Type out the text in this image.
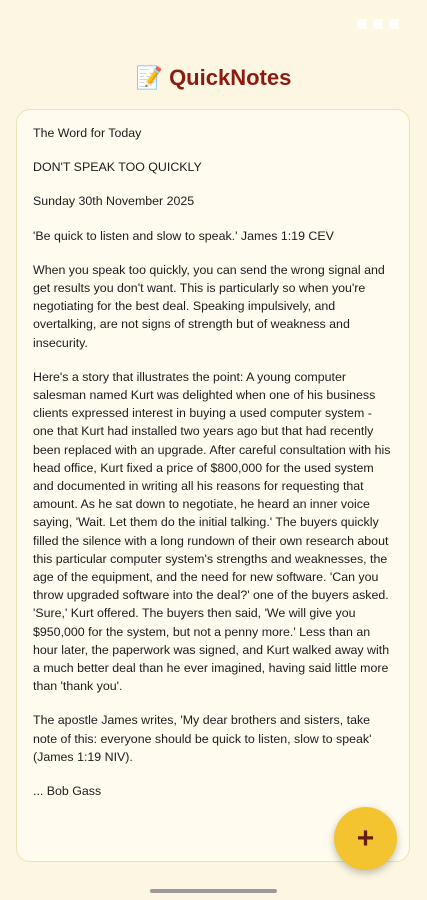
📝 QuickNotes

The Word for Today

DON'T SPEAK TOO QUICKLY

Sunday 30th November 2025

'Be quick to listen and slow to speak.' James 1:19 CEV

When you speak too quickly, you can send the wrong signal and get results you don't want. This is particularly so when you're negotiating for the best deal. Speaking impulsively, and overtalking, are not signs of strength but of weakness and insecurity.

Here's a story that illustrates the point: A young computer salesman named Kurt was delighted when one of his business clients expressed interest in buying a used computer system - one that Kurt had installed two years ago but that had recently been replaced with an upgrade. After careful consultation with his head office, Kurt fixed a price of $800,000 for the used system and documented in writing all his reasons for requesting that amount. As he sat down to negotiate, he heard an inner voice saying, 'Wait. Let them do the initial talking.' The buyers quickly filled the silence with a long rundown of their own research about this particular computer system's strengths and weaknesses, the age of the equipment, and the need for new software. 'Can you throw upgraded software into the deal?' one of the buyers asked. 'Sure,' Kurt offered. The buyers then said, 'We will give you $950,000 for the system, but not a penny more.' Less than an hour later, the paperwork was signed, and Kurt walked away with a much better deal than he ever imagined, having said little more than 'thank you'.

The apostle James writes, 'My dear brothers and sisters, take note of this: everyone should be quick to listen, slow to speak' (James 1:19 NIV).

... Bob Gass

+
